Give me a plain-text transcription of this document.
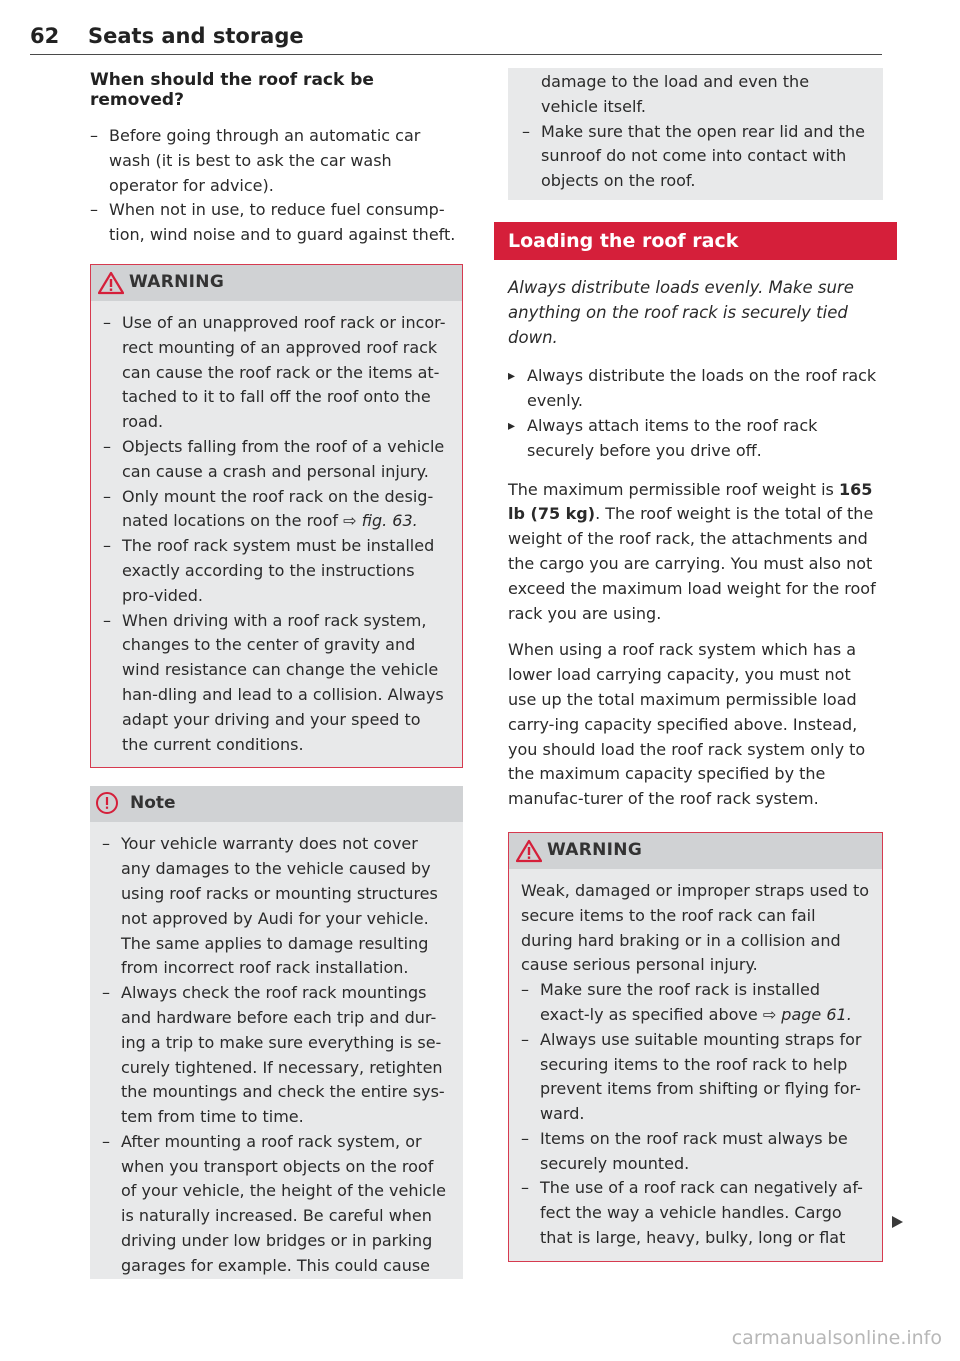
62 Seats and storage
When should the roof rack be removed?
– Before going through an automatic car wash (it is best to ask the car wash operator for advice).
– When not in use, to reduce fuel consump-tion, wind noise and to guard against theft.
WARNING
– Use of an unapproved roof rack or incor-rect mounting of an approved roof rack can cause the roof rack or the items at-tached to it to fall off the roof onto the road.
– Objects falling from the roof of a vehicle can cause a crash and personal injury.
– Only mount the roof rack on the desig-nated locations on the roof ⇨ fig. 63.
– The roof rack system must be installed exactly according to the instructions pro-vided.
– When driving with a roof rack system, changes to the center of gravity and wind resistance can change the vehicle han-dling and lead to a collision. Always adapt your driving and your speed to the current conditions.
Note
– Your vehicle warranty does not cover any damages to the vehicle caused by using roof racks or mounting structures not approved by Audi for your vehicle. The same applies to damage resulting from incorrect roof rack installation.
– Always check the roof rack mountings and hardware before each trip and dur-ing a trip to make sure everything is se-curely tightened. If necessary, retighten the mountings and check the entire sys-tem from time to time.
– After mounting a roof rack system, or when you transport objects on the roof of your vehicle, the height of the vehicle is naturally increased. Be careful when driving under low bridges or in parking garages for example. This could cause

damage to the load and even the vehicle itself.

– Make sure that the open rear lid and the sunroof do not come into contact with objects on the roof.
Loading the roof rack

Always distribute loads evenly. Make sure anything on the roof rack is securely tied down.

▸ Always distribute the loads on the roof rack evenly.
▸ Always attach items to the roof rack securely before you drive off.

The maximum permissible roof weight is 165 lb (75 kg). The roof weight is the total of the weight of the roof rack, the attachments and the cargo you are carrying. You must also not exceed the maximum load weight for the roof rack you are using.

When using a roof rack system which has a lower load carrying capacity, you must not use up the total maximum permissible load carry-ing capacity specified above. Instead, you should load the roof rack system only to the maximum capacity specified by the manufac-turer of the roof rack system.

WARNING

Weak, damaged or improper straps used to secure items to the roof rack can fail during hard braking or in a collision and cause serious personal injury.

– Make sure the roof rack is installed exact-ly as specified above ⇨ page 61.
– Always use suitable mounting straps for securing items to the roof rack to help prevent items from shifting or flying for-ward.
– Items on the roof rack must always be securely mounted.
– The use of a roof rack can negatively af-fect the way a vehicle handles. Cargo that is large, heavy, bulky, long or flat
carmanualsonline.info
